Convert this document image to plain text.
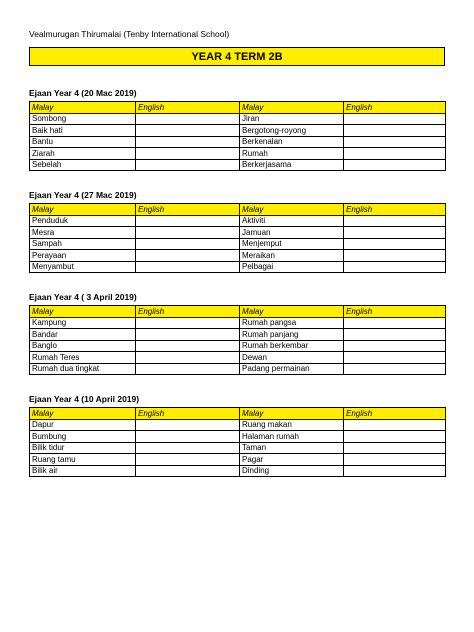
Vealmurugan Thirumalai (Tenby International School)
YEAR 4 TERM 2B
Ejaan Year 4 (20 Mac 2019)
Malay	English	Malay	English
Sombong		Jiran	
Baik hati		Bergotong-royong	
Bantu		Berkenalan	
Ziarah		Rumah	
Sebelah		Berkerjasama	
Ejaan Year 4 (27 Mac 2019)
Malay	English	Malay	English
Penduduk		Aktiviti	
Mesra		Jamuan	
Sampah		Menjemput	
Perayaan		Meraikan	
Menyambut		Pelbagai	
Ejaan Year 4 ( 3 April 2019)
Malay	English	Malay	English
Kampung		Rumah pangsa	
Bandar		Rumah panjang	
Banglo		Rumah berkembar	
Rumah Teres		Dewan	
Rumah dua tingkat		Padang permainan	
Ejaan Year 4 (10 April 2019)
Malay	English	Malay	English
Dapur		Ruang makan	
Bumbung		Halaman rumah	
Bilik tidur		Taman	
Ruang tamu		Pagar	
Bilik air		Dinding	
